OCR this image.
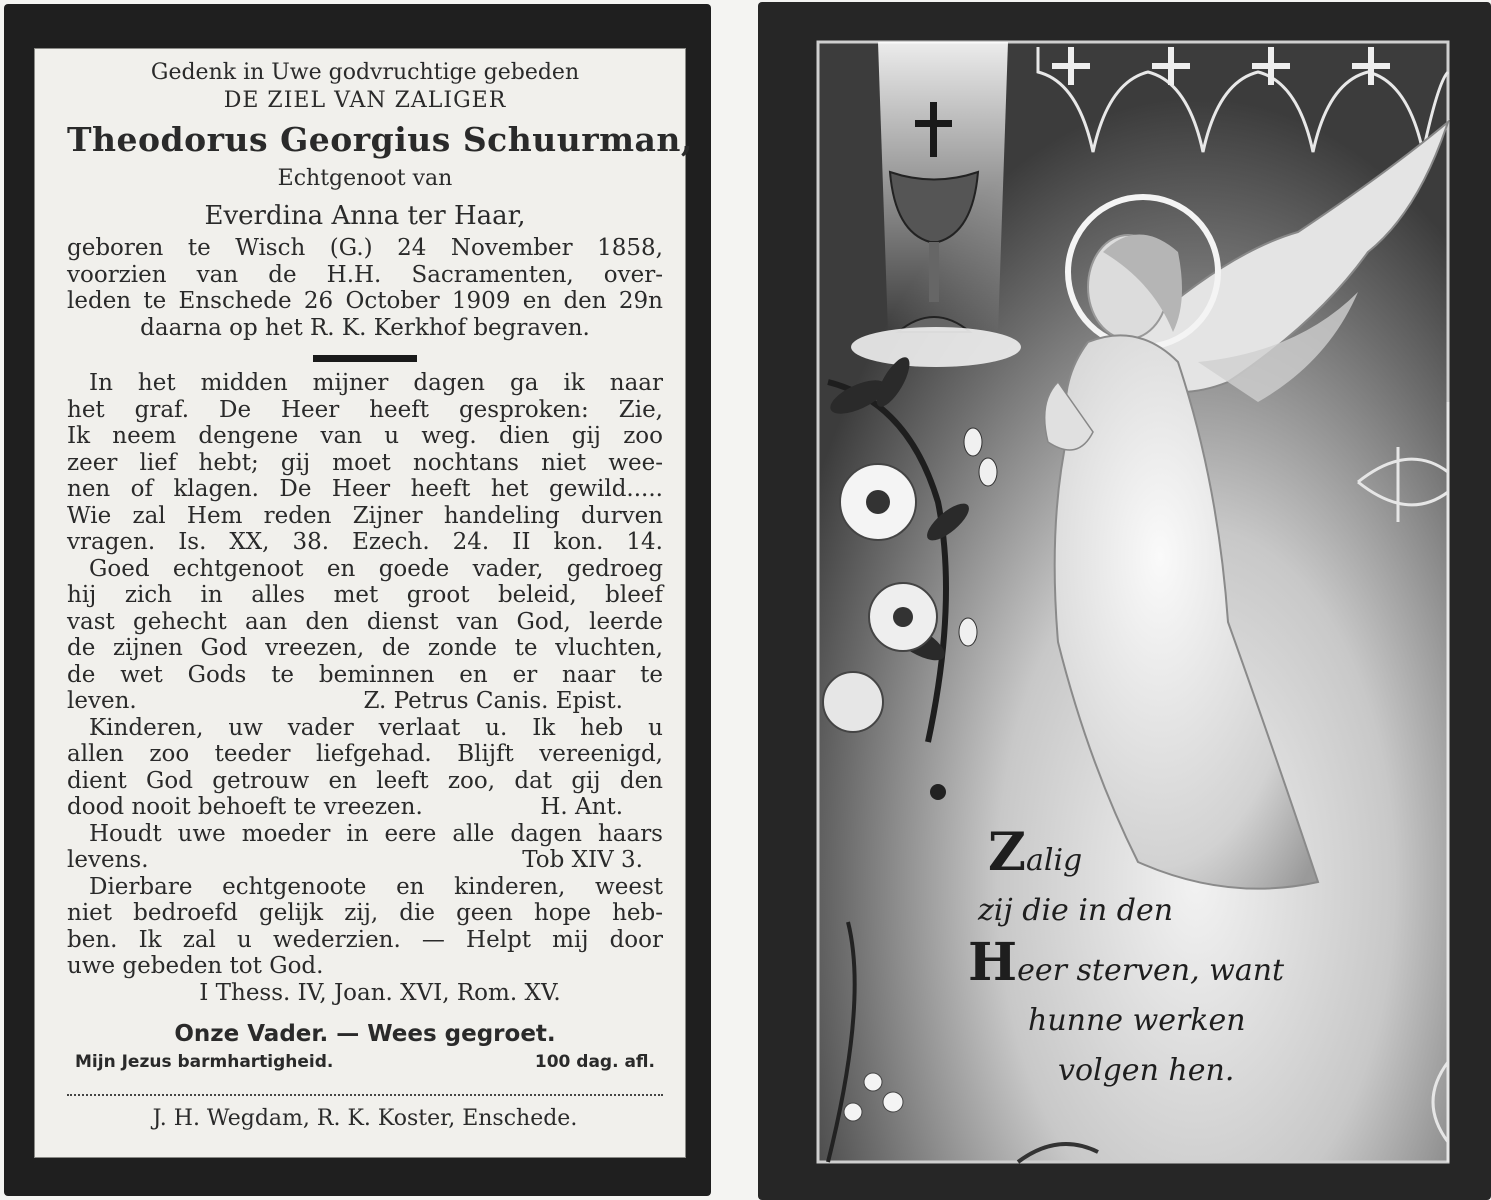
Gedenk in Uwe godvruchtige gebeden
DE ZIEL VAN ZALIGER
Theodorus Georgius Schuurman,
Echtgenoot van
Everdina Anna ter Haar,
geboren te Wisch (G.) 24 November 1858,
voorzien van de H.H. Sacramenten, over-
leden te Enschede 26 October 1909 en den 29n
daarna op het R. K. Kerkhof begraven.
In het midden mijner dagen ga ik naar
het graf. De Heer heeft gesproken: Zie,
Ik neem dengene van u weg. dien gij zoo
zeer lief hebt; gij moet nochtans niet wee-
nen of klagen. De Heer heeft het gewild.....
Wie zal Hem reden Zijner handeling durven
vragen. Is. XX, 38. Ezech. 24. II kon. 14.
Goed echtgenoot en goede vader, gedroeg
hij zich in alles met groot beleid, bleef
vast gehecht aan den dienst van God, leerde
de zijnen God vreezen, de zonde te vluchten,
de wet Gods te beminnen en er naar te
leven.	Z. Petrus Canis. Epist.
Kinderen, uw vader verlaat u. Ik heb u
allen zoo teeder liefgehad. Blijft vereenigd,
dient God getrouw en leeft zoo, dat gij den
dood nooit behoeft te vreezen.	H. Ant.
Houdt uwe moeder in eere alle dagen haars
levens.	Tob XIV 3.
Dierbare echtgenoote en kinderen, weest
niet bedroefd gelijk zij, die geen hope heb-
ben. Ik zal u wederzien. — Helpt mij door
uwe gebeden tot God.
I Thess. IV, Joan. XVI, Rom. XV.
Onze Vader. — Wees gegroet.
Mijn Jezus barmhartigheid.	100 dag. afl.
J. H. Wegdam, R. K. Koster, Enschede.
Zalig
zij die in den
Heer sterven, want
hunne werken
volgen hen.
